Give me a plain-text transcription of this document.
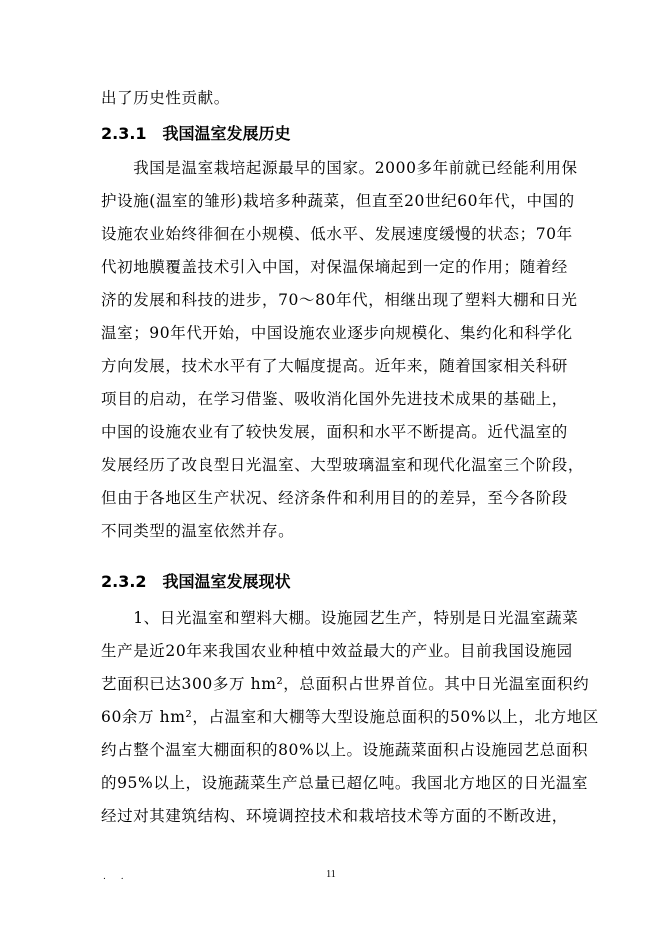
出了历史性贡献。
2.3.1　我国温室发展历史
　　我国是温室栽培起源最早的国家。2000多年前就已经能利用保
护设施(温室的雏形)栽培多种蔬菜，但直至20世纪60年代，中国的
设施农业始终徘徊在小规模、低水平、发展速度缓慢的状态；70年
代初地膜覆盖技术引入中国，对保温保墒起到一定的作用；随着经
济的发展和科技的进步，70～80年代，相继出现了塑料大棚和日光
温室；90年代开始，中国设施农业逐步向规模化、集约化和科学化
方向发展，技术水平有了大幅度提高。近年来，随着国家相关科研
项目的启动，在学习借鉴、吸收消化国外先进技术成果的基础上，
中国的设施农业有了较快发展，面积和水平不断提高。近代温室的
发展经历了改良型日光温室、大型玻璃温室和现代化温室三个阶段，
但由于各地区生产状况、经济条件和利用目的的差异，至今各阶段
不同类型的温室依然并存。
2.3.2　我国温室发展现状
　　1、日光温室和塑料大棚。设施园艺生产，特别是日光温室蔬菜
生产是近20年来我国农业种植中效益最大的产业。目前我国设施园
艺面积已达300多万 hm²，总面积占世界首位。其中日光温室面积约
60余万 hm²，占温室和大棚等大型设施总面积的50%以上，北方地区
约占整个温室大棚面积的80%以上。设施蔬菜面积占设施园艺总面积
的95%以上，设施蔬菜生产总量已超亿吨。我国北方地区的日光温室
经过对其建筑结构、环境调控技术和栽培技术等方面的不断改进，
. .	11
